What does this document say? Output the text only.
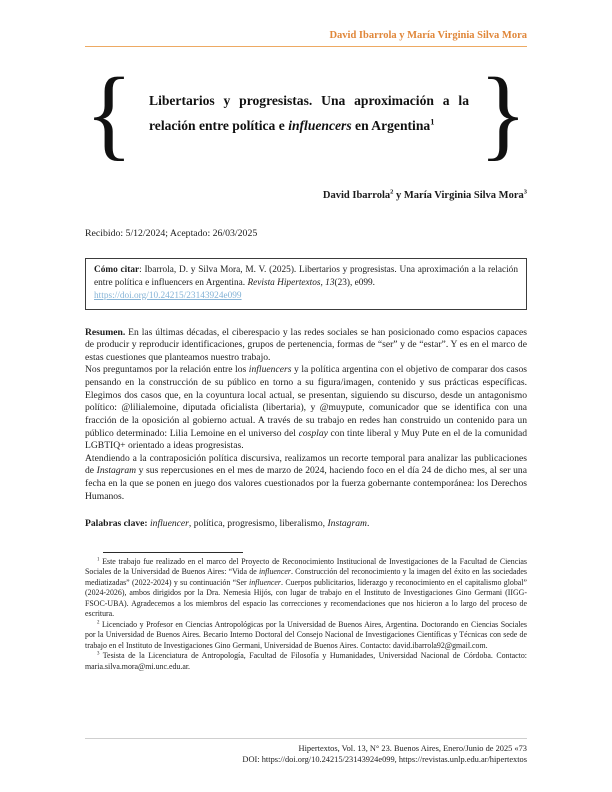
David Ibarrola y María Virginia Silva Mora
{ Libertarios y progresistas. Una aproximación a la relación entre política e influencers en Argentina$^1$ }
David Ibarrola$^2$ y María Virginia Silva Mora$^3$
Recibido: 5/12/2024; Aceptado: 26/03/2025

Cómo citar: Ibarrola, D. y Silva Mora, M. V. (2025). Libertarios y progresistas. Una aproximación a la relación entre política e influencers en Argentina. Revista Hipertextos, 13(23), e099.

https://doi.org/10.24215/23143924e099

Resumen. En las últimas décadas, el ciberespacio y las redes sociales se han posicionado como espacios capaces de producir y reproducir identificaciones, grupos de pertenencia, formas de “ser” y de “estar”. Y es en el marco de estas cuestiones que planteamos nuestro trabajo.

Nos preguntamos por la relación entre los influencers y la política argentina con el objetivo de comparar dos casos pensando en la construcción de su público en torno a su figura/imagen, contenido y sus prácticas específicas. Elegimos dos casos que, en la coyuntura local actual, se presentan, siguiendo su discurso, desde un antagonismo político: @lilialemoine, diputada oficialista (libertaria), y @muypute, comunicador que se identifica con una fracción de la oposición al gobierno actual. A través de su trabajo en redes han construido un contenido para un público determinado: Lilia Lemoine en el universo del cosplay con tinte liberal y Muy Pute en el de la comunidad LGBTIQ+ orientado a ideas progresistas.

Atendiendo a la contraposición política discursiva, realizamos un recorte temporal para analizar las publicaciones de Instagram y sus repercusiones en el mes de marzo de 2024, haciendo foco en el día 24 de dicho mes, al ser una fecha en la que se ponen en juego dos valores cuestionados por la fuerza gobernante contemporánea: los Derechos Humanos.

Palabras clave: influencer, política, progresismo, liberalismo, Instagram.

$^1$ Este trabajo fue realizado en el marco del Proyecto de Reconocimiento Institucional de Investigaciones de la Facultad de Ciencias Sociales de la Universidad de Buenos Aires: “Vida de influencer. Construcción del reconocimiento y la imagen del éxito en las sociedades mediatizadas” (2022-2024) y su continuación “Ser influencer. Cuerpos publicitarios, liderazgo y reconocimiento en el capitalismo global” (2024-2026), ambos dirigidos por la Dra. Nemesia Hijós, con lugar de trabajo en el Instituto de Investigaciones Gino Germani (IIGG-FSOC-UBA). Agradecemos a los miembros del espacio las correcciones y recomendaciones que nos hicieron a lo largo del proceso de escritura.

$^2$ Licenciado y Profesor en Ciencias Antropológicas por la Universidad de Buenos Aires, Argentina. Doctorando en Ciencias Sociales por la Universidad de Buenos Aires. Becario Interno Doctoral del Consejo Nacional de Investigaciones Científicas y Técnicas con sede de trabajo en el Instituto de Investigaciones Gino Germani, Universidad de Buenos Aires. Contacto: david.ibarrola92@gmail.com.

$^3$ Tesista de la Licenciatura de Antropología, Facultad de Filosofía y Humanidades, Universidad Nacional de Córdoba. Contacto: maria.silva.mora@mi.unc.edu.ar.

Hipertextos, Vol. 13, N° 23. Buenos Aires, Enero/Junio de 2025 «73
DOI: https://doi.org/10.24215/23143924e099, https://revistas.unlp.edu.ar/hipertextos
